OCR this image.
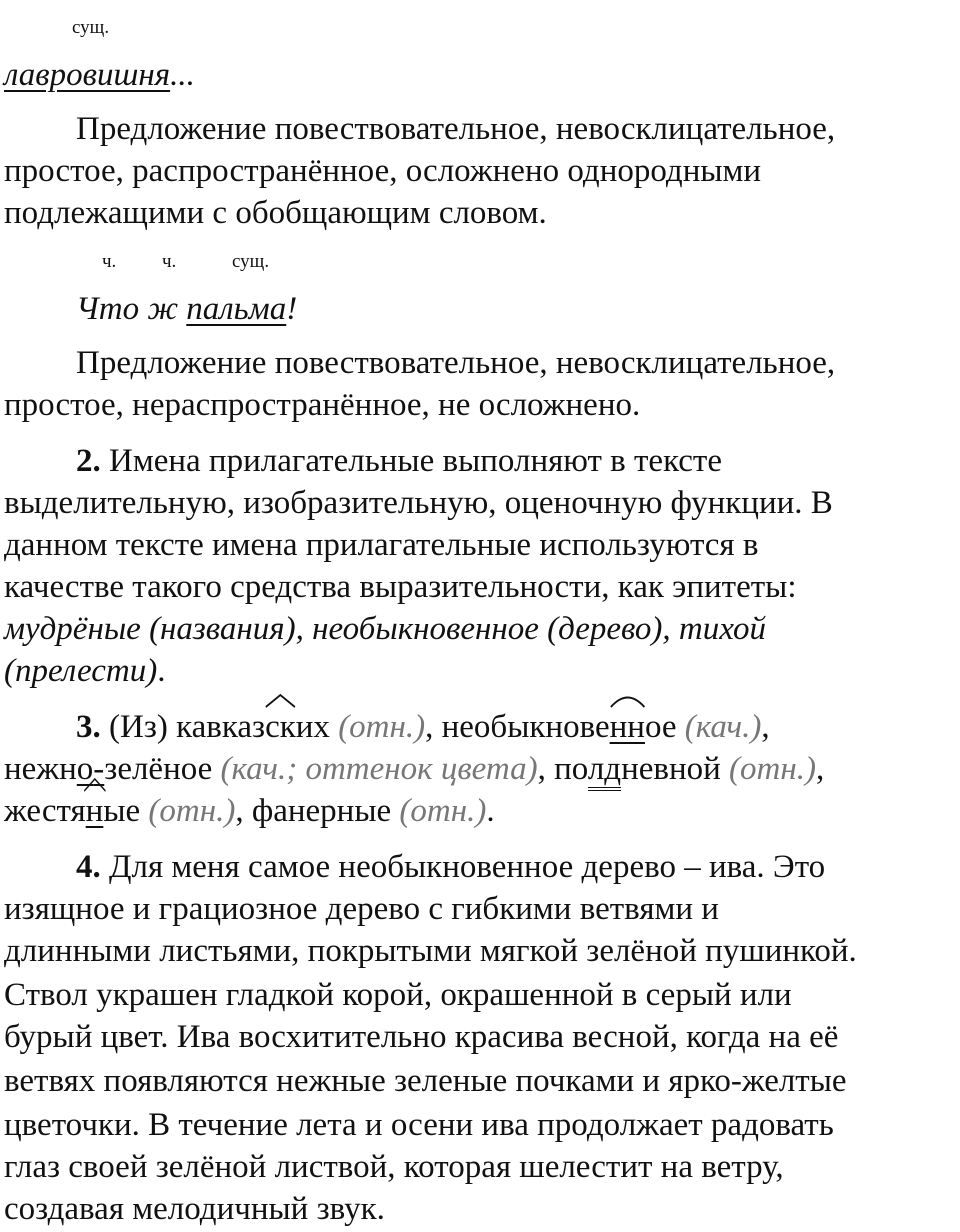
сущ.
лавровишня...
Предложение повествовательное, невосклицательное,
простое, распространённое, осложнено однородными
подлежащими с обобщающим словом.
ч. ч.	сущ.
Что ж пальма!
Предложение повествовательное, невосклицательное,
простое, нераспространённое, не осложнено.
2. Имена прилагательные выполняют в тексте
выделительную, изобразительную, оценочную функции. В
данном тексте имена прилагательные используются в
качестве такого средства выразительности, как эпитеты:
мудрёные (названия), необыкновенное (дерево), тихой
(прелести).
3. (Из) кавказ
ских (отн.), необыкнове
нное (кач.),
нежно-зелёное (кач.; оттенок цвета), полдневной (отн.),
жестя
ные (отн.), фанерные (отн.).
4. Для меня самое необыкновенное дерево – ива. Это
изящное и грациозное дерево с гибкими ветвями и
длинными листьями, покрытыми мягкой зелёной пушинкой.
Ствол украшен гладкой корой, окрашенной в серый или
бурый цвет. Ива восхитительно красива весной, когда на её
ветвях появляются нежные зеленые почками и ярко-желтые
цветочки. В течение лета и осени ива продолжает радовать
глаз своей зелёной листвой, которая шелестит на ветру,
создавая мелодичный звук.
